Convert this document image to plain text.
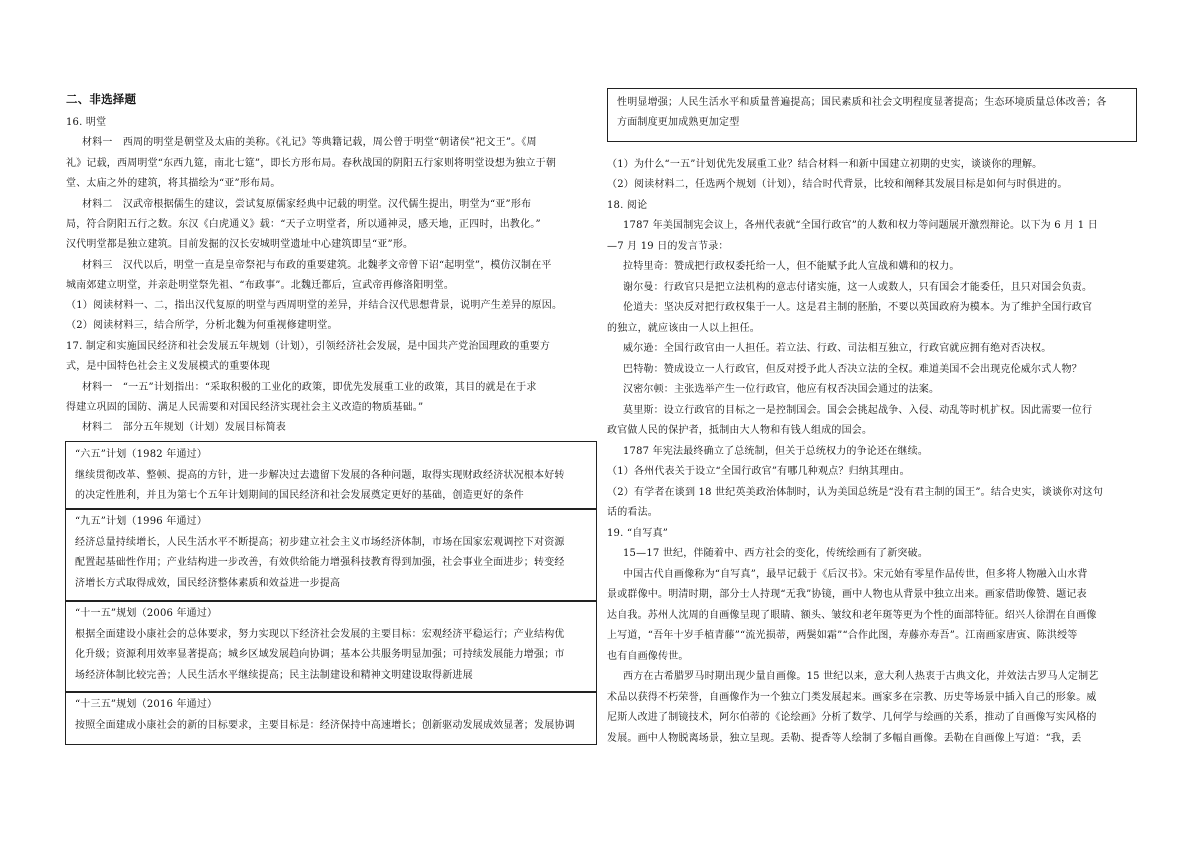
二、非选择题
16. 明堂
材料一　西周的明堂是朝堂及太庙的美称。《礼记》等典籍记载，周公曾于明堂“朝诸侯”祀文王”。《周
礼》记载，西周明堂“东西九筵，南北七筵”，即长方形布局。春秋战国的阴阳五行家则将明堂设想为独立于朝
堂、太庙之外的建筑，将其描绘为“亚”形布局。
材料二　汉武帝根据儒生的建议，尝试复原儒家经典中记载的明堂。汉代儒生提出，明堂为“亚”形布
局，符合阴阳五行之数。东汉《白虎通义》载：“天子立明堂者，所以通神灵，感天地，正四时，出教化。”
汉代明堂都是独立建筑。目前发掘的汉长安城明堂遗址中心建筑即呈“亚”形。
材料三　汉代以后，明堂一直是皇帝祭祀与布政的重要建筑。北魏孝文帝曾下诏“起明堂”，模仿汉制在平
城南郊建立明堂，并亲赴明堂祭先祖、“布政事”。北魏迁都后，宣武帝再修洛阳明堂。
（1）阅读材料一、二，指出汉代复原的明堂与西周明堂的差异，并结合汉代思想背景，说明产生差异的原因。
（2）阅读材料三，结合所学，分析北魏为何重视修建明堂。
17. 制定和实施国民经济和社会发展五年规划（计划），引领经济社会发展，是中国共产党治国理政的重要方
式，是中国特色社会主义发展模式的重要体现
材料一　“一五”计划指出：“采取积极的工业化的政策，即优先发展重工业的政策，其目的就是在于求
得建立巩固的国防、满足人民需要和对国民经济实现社会主义改造的物质基础。”
材料二　部分五年规划（计划）发展目标简表
“六五”计划（1982 年通过）
继续贯彻改革、整顿、提高的方针，进一步解决过去遗留下发展的各种问题，取得实现财政经济状况根本好转
的决定性胜利，并且为第七个五年计划期间的国民经济和社会发展奠定更好的基础，创造更好的条件
“九五”计划（1996 年通过）
经济总量持续增长，人民生活水平不断提高；初步建立社会主义市场经济体制，市场在国家宏观调控下对资源
配置起基础性作用；产业结构进一步改善，有效供给能力增强科技教育得到加强，社会事业全面进步；转变经
济增长方式取得成效，国民经济整体素质和效益进一步提高
“十一五”规划（2006 年通过）
根据全面建设小康社会的总体要求，努力实现以下经济社会发展的主要目标：宏观经济平稳运行；产业结构优
化升级；资源利用效率显著提高；城乡区域发展趋向协调；基本公共服务明显加强；可持续发展能力增强；市
场经济体制比较完善；人民生活水平继续提高；民主法制建设和精神文明建设取得新进展
“十三五”规划（2016 年通过）
按照全面建成小康社会的新的目标要求，主要目标是：经济保持中高速增长；创新驱动发展成效显著；发展协调
性明显增强；人民生活水平和质量普遍提高；国民素质和社会文明程度显著提高；生态环境质量总体改善；各
方面制度更加成熟更加定型
（1）为什么“一五”计划优先发展重工业？结合材料一和新中国建立初期的史实，谈谈你的理解。
（2）阅读材料二，任选两个规划（计划），结合时代背景，比较和阐释其发展目标是如何与时俱进的。
18. 阅论
1787 年美国制宪会议上，各州代表就“全国行政官”的人数和权力等问题展开激烈辩论。以下为 6 月 1 日
—7 月 19 日的发言节录：
拉特里奇：赞成把行政权委托给一人，但不能赋予此人宣战和媾和的权力。
谢尔曼：行政官只是把立法机构的意志付诸实施，这一人或数人，只有国会才能委任，且只对国会负责。
伦道夫：坚决反对把行政权集于一人。这是君主制的胚胎，不要以英国政府为模本。为了维护全国行政官
的独立，就应该由一人以上担任。
威尔逊：全国行政官由一人担任。若立法、行政、司法相互独立，行政官就应拥有绝对否决权。
巴特勒：赞成设立一人行政官，但反对授予此人否决立法的全权。难道美国不会出现克伦威尔式人物？
汉密尔顿：主张选举产生一位行政官，他应有权否决国会通过的法案。
莫里斯：设立行政官的目标之一是控制国会。国会会挑起战争、入侵、动乱等时机扩权。因此需要一位行
政官做人民的保护者，抵制由大人物和有钱人组成的国会。
1787 年宪法最终确立了总统制，但关于总统权力的争论还在继续。
（1）各州代表关于设立“全国行政官”有哪几种观点？归纳其理由。
（2）有学者在谈到 18 世纪英美政治体制时，认为美国总统是“没有君主制的国王”。结合史实，谈谈你对这句
话的看法。
19. “自写真”
15—17 世纪，伴随着中、西方社会的变化，传统绘画有了新突破。
中国古代自画像称为“自写真”，最早记载于《后汉书》。宋元始有零星作品传世，但多将人物融入山水背
景或群像中。明清时期，部分士人持现“无我”协镜，画中人物也从背景中独立出来。画家借助像赞、题记表
达自我。苏州人沈周的自画像呈现了眼睛、额头、皱纹和老年斑等更为个性的面部特征。绍兴人徐渭在自画像
上写道，“吾年十岁手植青藤”“流光损蒂，两鬓如霜”“合作此图，寿藤亦寿吾”。江南画家唐寅、陈洪绶等
也有自画像传世。
西方在古希腊罗马时期出现少量自画像。15 世纪以来，意大利人热衷于古典文化，并效法古罗马人定制艺
术品以获得不朽荣誉，自画像作为一个独立门类发展起来。画家多在宗教、历史等场景中插入自己的形象。威
尼斯人改进了制镜技术，阿尔伯蒂的《论绘画》分析了数学、几何学与绘画的关系，推动了自画像写实风格的
发展。画中人物脱离场景，独立呈现。丢勒、提香等人绘制了多幅自画像。丢勒在自画像上写道：“我，丢
